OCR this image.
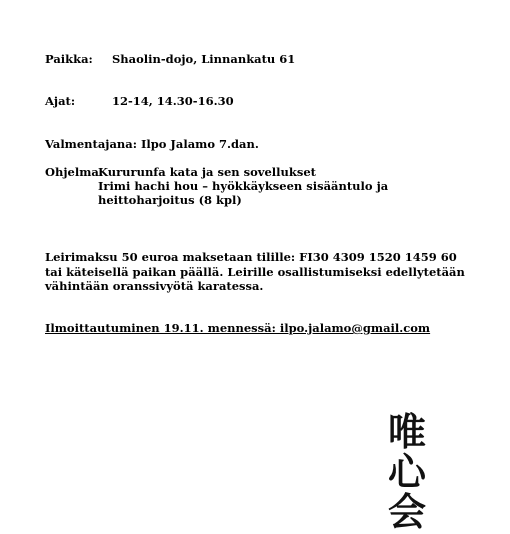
Paikka: Shaolin-dojo, Linnankatu 61
Ajat:	12-14, 14.30-16.30
Valmentajana: Ilpo Jalamo 7.dan.
Ohjelma:
Kururunfa kata ja sen sovellukset
Irimi hachi hou – hyökkäykseen sisääntulo ja
heittoharjoitus (8 kpl)
Leirimaksu 50 euroa maksetaan tilille: FI30 4309 1520 1459 60
tai käteisellä paikan päällä. Leirille osallistumiseksi edellytetään
vähintään oranssivyötä karatessa.
Ilmoittautuminen 19.11. mennessä: ilpo.jalamo@gmail.com
唯
心
会
